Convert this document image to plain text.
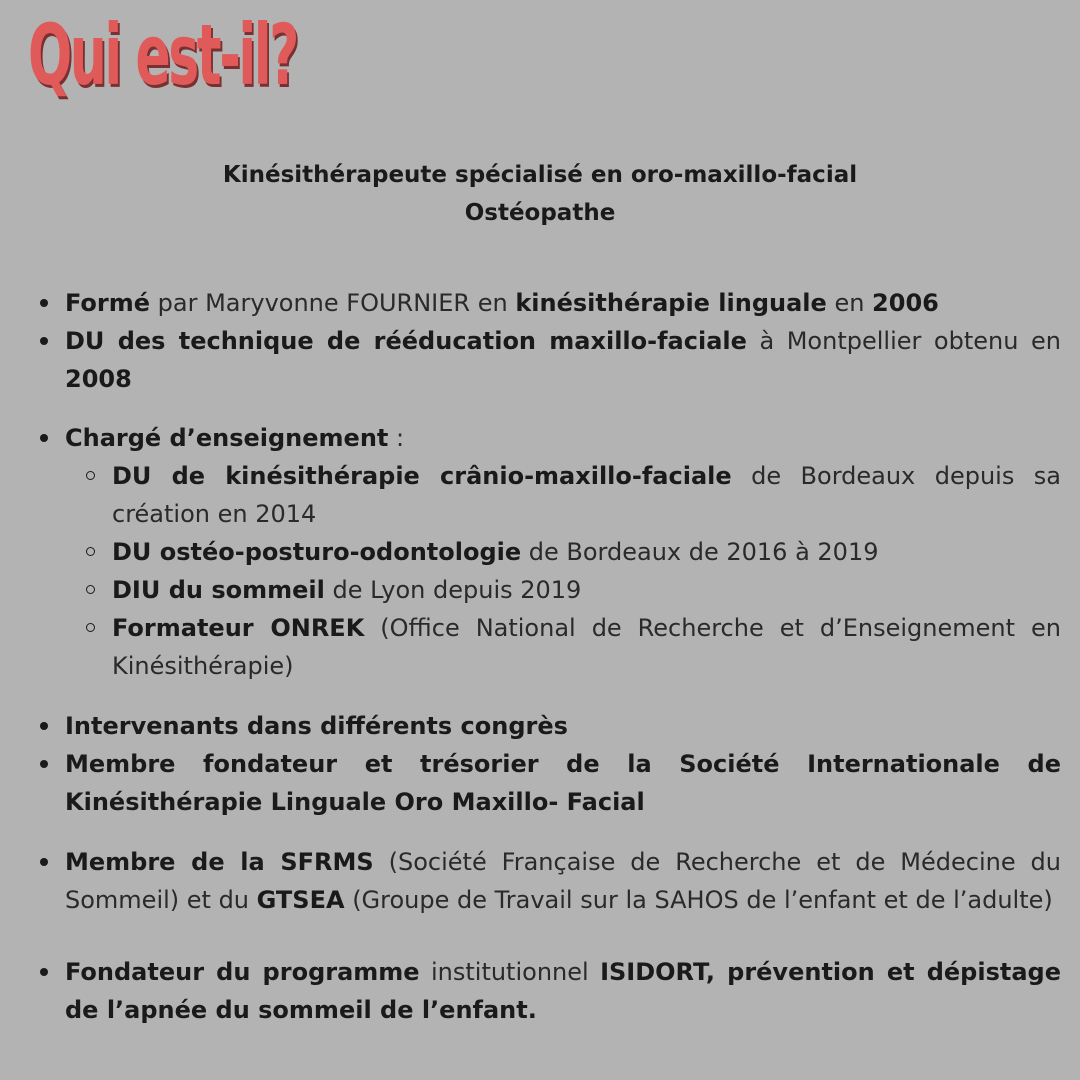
Qui est-il?
Kinésithérapeute spécialisé en oro-maxillo-facial
Ostéopathe
Formé par Maryvonne FOURNIER en kinésithérapie linguale en 2006
DU des technique de rééducation maxillo-faciale à Montpellier obtenu en 2008
Chargé d’enseignement :
DU de kinésithérapie crânio-maxillo-faciale de Bordeaux depuis sa création en 2014
DU ostéo-posturo-odontologie de Bordeaux de 2016 à 2019
DIU du sommeil de Lyon depuis 2019
Formateur ONREK (Office National de Recherche et d’Enseignement en Kinésithérapie)
Intervenants dans différents congrès
Membre fondateur et trésorier de la Société Internationale de Kinésithérapie Linguale Oro Maxillo- Facial
Membre de la SFRMS (Société Française de Recherche et de Médecine du Sommeil) et du GTSEA (Groupe de Travail sur la SAHOS de l’enfant et de l’adulte)
Fondateur du programme institutionnel ISIDORT, prévention et dépistage de l’apnée du sommeil de l’enfant.
